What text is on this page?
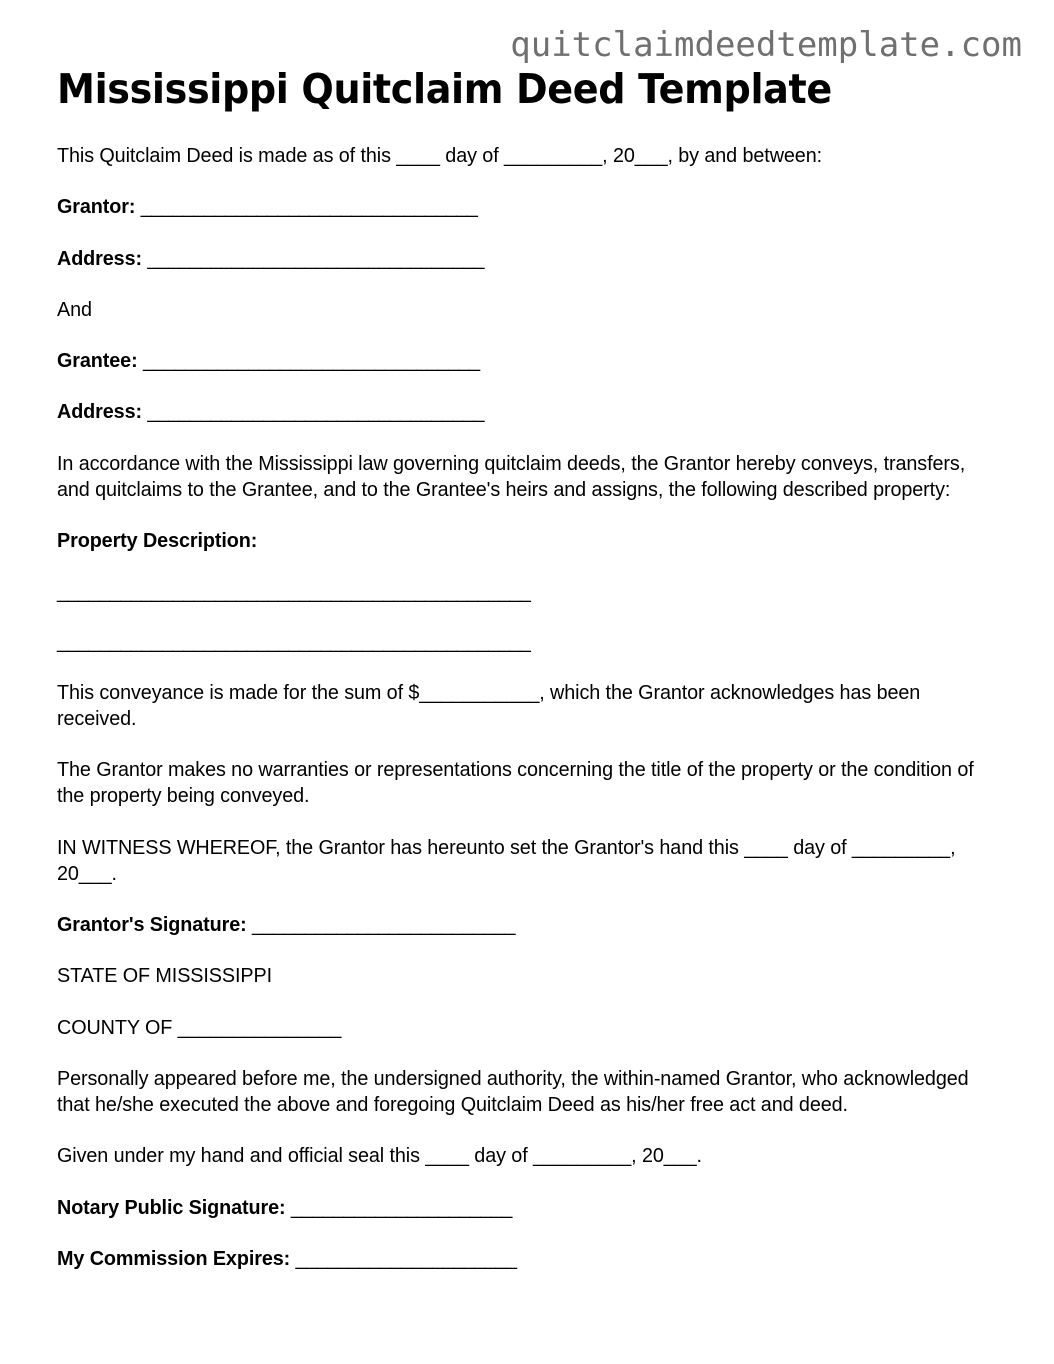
quitclaimdeedtemplate.com
Mississippi Quitclaim Deed Template

This Quitclaim Deed is made as of this ____ day of _________, 20___, by and between:

Grantor: ________________________________
Address: ________________________________

And

Grantee: ________________________________
Address: ________________________________

In accordance with the Mississippi law governing quitclaim deeds, the Grantor hereby conveys, transfers, and quitclaims to the Grantee, and to the Grantee's heirs and assigns, the following described property:

Property Description:
_____________________________________________
_____________________________________________

This conveyance is made for the sum of $___________, which the Grantor acknowledges has been received.

The Grantor makes no warranties or representations concerning the title of the property or the condition of the property being conveyed.

IN WITNESS WHEREOF, the Grantor has hereunto set the Grantor's hand this ____ day of _________, 20___.

Grantor's Signature: _________________________

STATE OF MISSISSIPPI

COUNTY OF _______________

Personally appeared before me, the undersigned authority, the within-named Grantor, who acknowledged that he/she executed the above and foregoing Quitclaim Deed as his/her free act and deed.

Given under my hand and official seal this ____ day of _________, 20___.

Notary Public Signature: _____________________
My Commission Expires: _____________________
